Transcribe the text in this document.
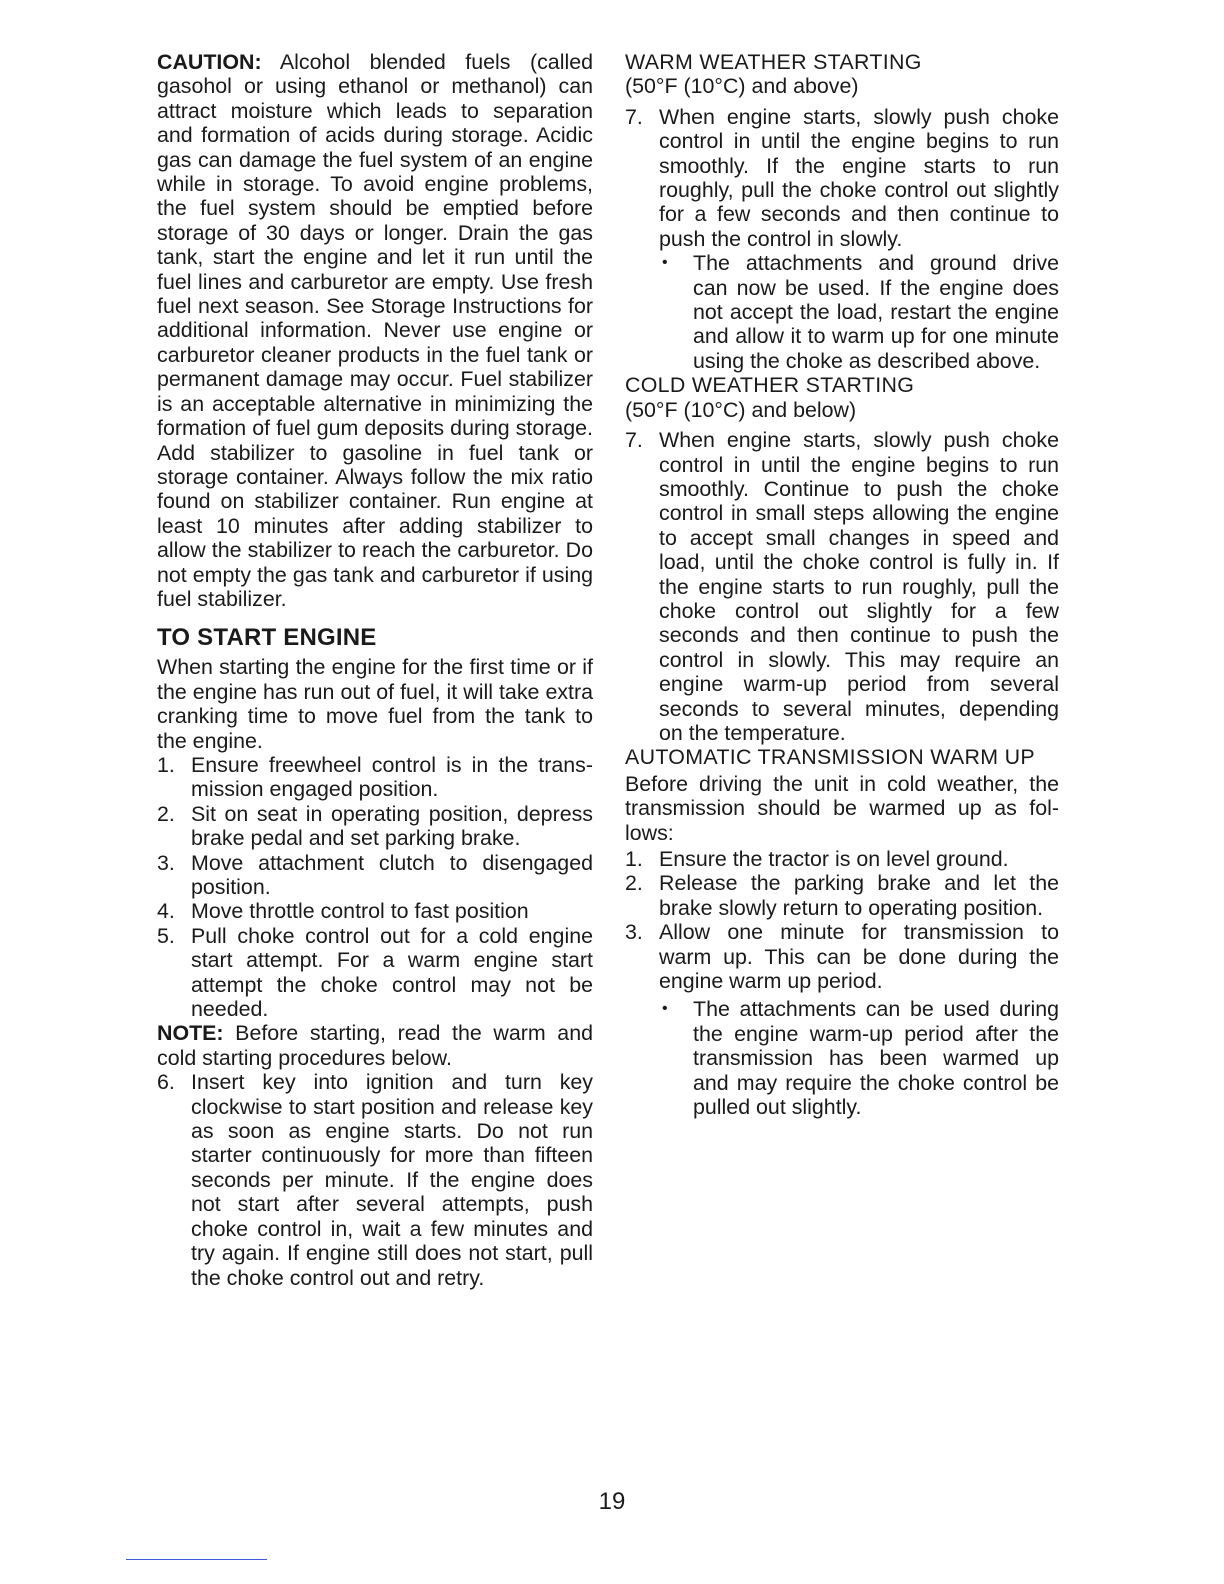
CAUTION: Alcohol blended fuels (called gasohol or using ethanol or methanol) can attract moisture which leads to separation and formation of acids during storage. Acidic gas can damage the fuel system of an engine while in storage. To avoid engine problems, the fuel system should be emptied before storage of 30 days or longer. Drain the gas tank, start the engine and let it run until the fuel lines and carburetor are empty. Use fresh fuel next season. See Storage Instructions for additional information. Never use engine or carburetor cleaner products in the fuel tank or permanent damage may occur. Fuel stabilizer is an acceptable alternative in minimizing the formation of fuel gum deposits during storage. Add stabilizer to gasoline in fuel tank or storage container. Always follow the mix ratio found on stabilizer container. Run engine at least 10 minutes after adding stabilizer to allow the stabilizer to reach the carburetor. Do not empty the gas tank and carburetor if using fuel stabilizer.

TO START ENGINE

When starting the engine for the first time or if the engine has run out of fuel, it will take extra cranking time to move fuel from the tank to the engine.

1. Ensure freewheel control is in the transmission engaged position.
2. Sit on seat in operating position, depress brake pedal and set parking brake.
3. Move attachment clutch to disengaged position.
4. Move throttle control to fast position
5. Pull choke control out for a cold engine start attempt. For a warm engine start attempt the choke control may not be needed.

NOTE: Before starting, read the warm and cold starting procedures below.

6. Insert key into ignition and turn key clockwise to start position and release key as soon as engine starts. Do not run starter continuously for more than fifteen seconds per minute. If the engine does not start after several attempts, push choke control in, wait a few minutes and try again. If engine still does not start, pull the choke control out and retry.
WARM WEATHER STARTING
(50°F (10°C) and above)
7. When engine starts, slowly push choke control in until the engine begins to run smoothly. If the engine starts to run roughly, pull the choke control out slightly for a few seconds and then continue to push the control in slowly.
• The attachments and ground drive can now be used. If the engine does not accept the load, restart the engine and allow it to warm up for one minute using the choke as described above.
COLD WEATHER STARTING
(50°F (10°C) and below)
7. When engine starts, slowly push choke control in until the engine begins to run smoothly. Continue to push the choke control in small steps allowing the engine to accept small changes in speed and load, until the choke control is fully in. If the engine starts to run roughly, pull the choke control out slightly for a few seconds and then continue to push the control in slowly. This may require an engine warm-up period from several seconds to several minutes, depending on the temperature.
AUTOMATIC TRANSMISSION WARM UP

Before driving the unit in cold weather, the transmission should be warmed up as follows:

1. Ensure the tractor is on level ground.
2. Release the parking brake and let the brake slowly return to operating position.
3. Allow one minute for transmission to warm up. This can be done during the engine warm up period.
• The attachments can be used during the engine warm-up period after the transmission has been warmed up and may require the choke control be pulled out slightly.
19
